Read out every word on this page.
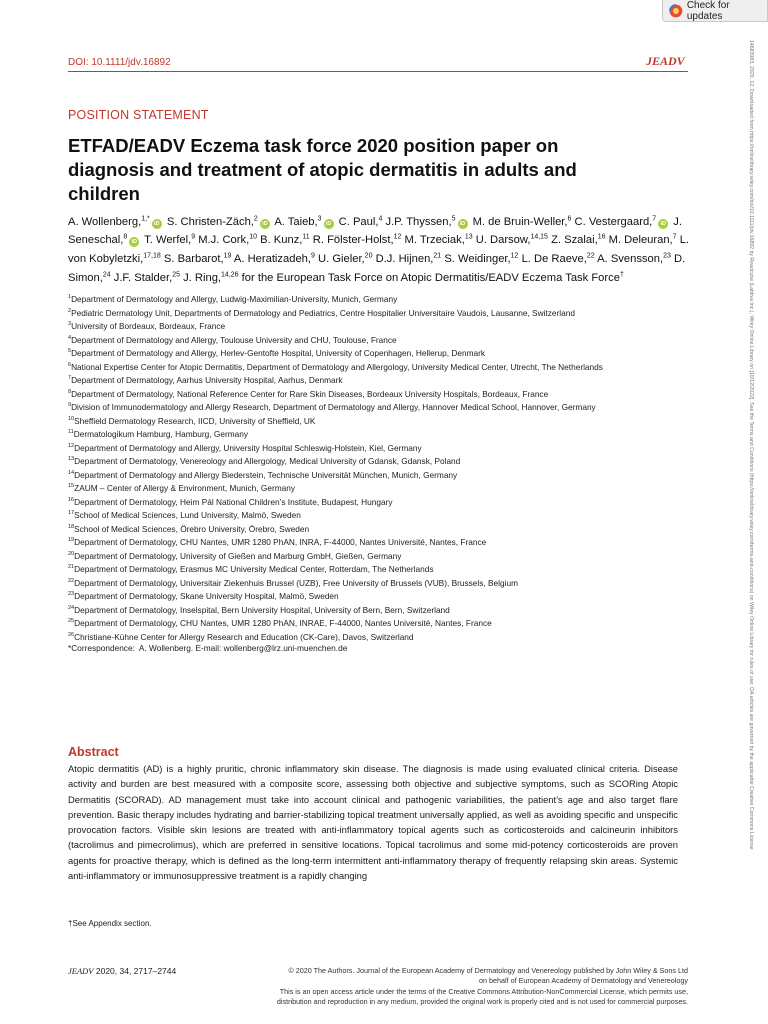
Check for updates
14683083, 2020, 12, Downloaded from https://onlinelibrary.wiley.com/doi/10.1111/jdv.16892 by Readcube (Labtiva Inc.), Wiley Online Library on [10/12/2022]. See the Terms and Conditions (https://onlinelibrary.wiley.com/terms-and-conditions) on Wiley Online Library for rules of use; OA articles are governed by the applicable Creative Commons License
DOI: 10.1111/jdv.16892	JEADV
POSITION STATEMENT
ETFAD/EADV Eczema task force 2020 position paper on diagnosis and treatment of atopic dermatitis in adults and children
A. Wollenberg,$^{1,*}$iD S. Christen-Zäch,$^2$iD A. Taieb,$^3$iD C. Paul,$^4$ J.P. Thyssen,$^5$iD M. de Bruin-Weller,$^6$ C. Vestergaard,$^7$iD J. Seneschal,$^8$iD T. Werfel,$^9$ M.J. Cork,$^{10}$ B. Kunz,$^{11}$ R. Fölster-Holst,$^{12}$ M. Trzeciak,$^{13}$ U. Darsow,$^{14,15}$ Z. Szalai,$^{16}$ M. Deleuran,$^7$ L. von Kobyletzki,$^{17,18}$ S. Barbarot,$^{19}$ A. Heratizadeh,$^9$ U. Gieler,$^{20}$ D.J. Hijnen,$^{21}$ S. Weidinger,$^{12}$ L. De Raeve,$^{22}$ A. Svensson,$^{23}$ D. Simon,$^{24}$ J.F. Stalder,$^{25}$ J. Ring,$^{14,26}$ for the European Task Force on Atopic Dermatitis/EADV Eczema Task Force†
$^1$Department of Dermatology and Allergy, Ludwig-Maximilian-University, Munich, Germany
$^2$Pediatric Dermatology Unit, Departments of Dermatology and Pediatrics, Centre Hospitalier Universitaire Vaudois, Lausanne, Switzerland
$^3$University of Bordeaux, Bordeaux, France
$^4$Department of Dermatology and Allergy, Toulouse University and CHU, Toulouse, France
$^5$Department of Dermatology and Allergy, Herlev-Gentofte Hospital, University of Copenhagen, Hellerup, Denmark
$^6$National Expertise Center for Atopic Dermatitis, Department of Dermatology and Allergology, University Medical Center, Utrecht, The Netherlands
$^7$Department of Dermatology, Aarhus University Hospital, Aarhus, Denmark
$^8$Department of Dermatology, National Reference Center for Rare Skin Diseases, Bordeaux University Hospitals, Bordeaux, France
$^9$Division of Immunodermatology and Allergy Research, Department of Dermatology and Allergy, Hannover Medical School, Hannover, Germany
$^{10}$Sheffield Dermatology Research, IICD, University of Sheffield, UK
$^{11}$Dermatologikum Hamburg, Hamburg, Germany
$^{12}$Department of Dermatology and Allergy, University Hospital Schleswig-Holstein, Kiel, Germany
$^{13}$Department of Dermatology, Venereology and Allergology, Medical University of Gdansk, Gdansk, Poland
$^{14}$Department of Dermatology and Allergy Biederstein, Technische Universität München, Munich, Germany
$^{15}$ZAUM – Center of Allergy & Environment, Munich, Germany
$^{16}$Department of Dermatology, Heim Pál National Children’s Institute, Budapest, Hungary
$^{17}$School of Medical Sciences, Lund University, Malmö, Sweden
$^{18}$School of Medical Sciences, Örebro University, Örebro, Sweden
$^{19}$Department of Dermatology, CHU Nantes, UMR 1280 PhAN, INRA, F-44000, Nantes Université, Nantes, France
$^{20}$Department of Dermatology, University of Gießen and Marburg GmbH, Gießen, Germany
$^{21}$Department of Dermatology, Erasmus MC University Medical Center, Rotterdam, The Netherlands
$^{22}$Department of Dermatology, Universitair Ziekenhuis Brussel (UZB), Free University of Brussels (VUB), Brussels, Belgium
$^{23}$Department of Dermatology, Skane University Hospital, Malmö, Sweden
$^{24}$Department of Dermatology, Inselspital, Bern University Hospital, University of Bern, Bern, Switzerland
$^{25}$Department of Dermatology, CHU Nantes, UMR 1280 PhAN, INRAE, F-44000, Nantes Université, Nantes, France
$^{26}$Christiane-Kühne Center for Allergy Research and Education (CK-Care), Davos, Switzerland
*Correspondence: A. Wollenberg. E-mail: wollenberg@lrz.uni-muenchen.de
Abstract

Atopic dermatitis (AD) is a highly pruritic, chronic inflammatory skin disease. The diagnosis is made using evaluated clinical criteria. Disease activity and burden are best measured with a composite score, assessing both objective and subjective symptoms, such as SCORing Atopic Dermatitis (SCORAD). AD management must take into account clinical and pathogenic variabilities, the patient’s age and also target flare prevention. Basic therapy includes hydrating and barrier-stabilizing topical treatment universally applied, as well as avoiding specific and unspecific provocation factors. Visible skin lesions are treated with anti-inflammatory topical agents such as corticosteroids and calcineurin inhibitors (tacrolimus and pimecrolimus), which are preferred in sensitive locations. Topical tacrolimus and some mid-potency corticosteroids are proven agents for proactive therapy, which is defined as the long-term intermittent anti-inflammatory therapy of frequently relapsing skin areas. Systemic anti-inflammatory or immunosuppressive treatment is a rapidly changing

†See Appendix section.
JEADV 2020, 34, 2717–2744	© 2020 The Authors. Journal of the European Academy of Dermatology and Venereology published by John Wiley & Sons Ltd
on behalf of European Academy of Dermatology and Venereology
This is an open access article under the terms of the Creative Commons Attribution-NonCommercial License, which permits use,
distribution and reproduction in any medium, provided the original work is properly cited and is not used for commercial purposes.
